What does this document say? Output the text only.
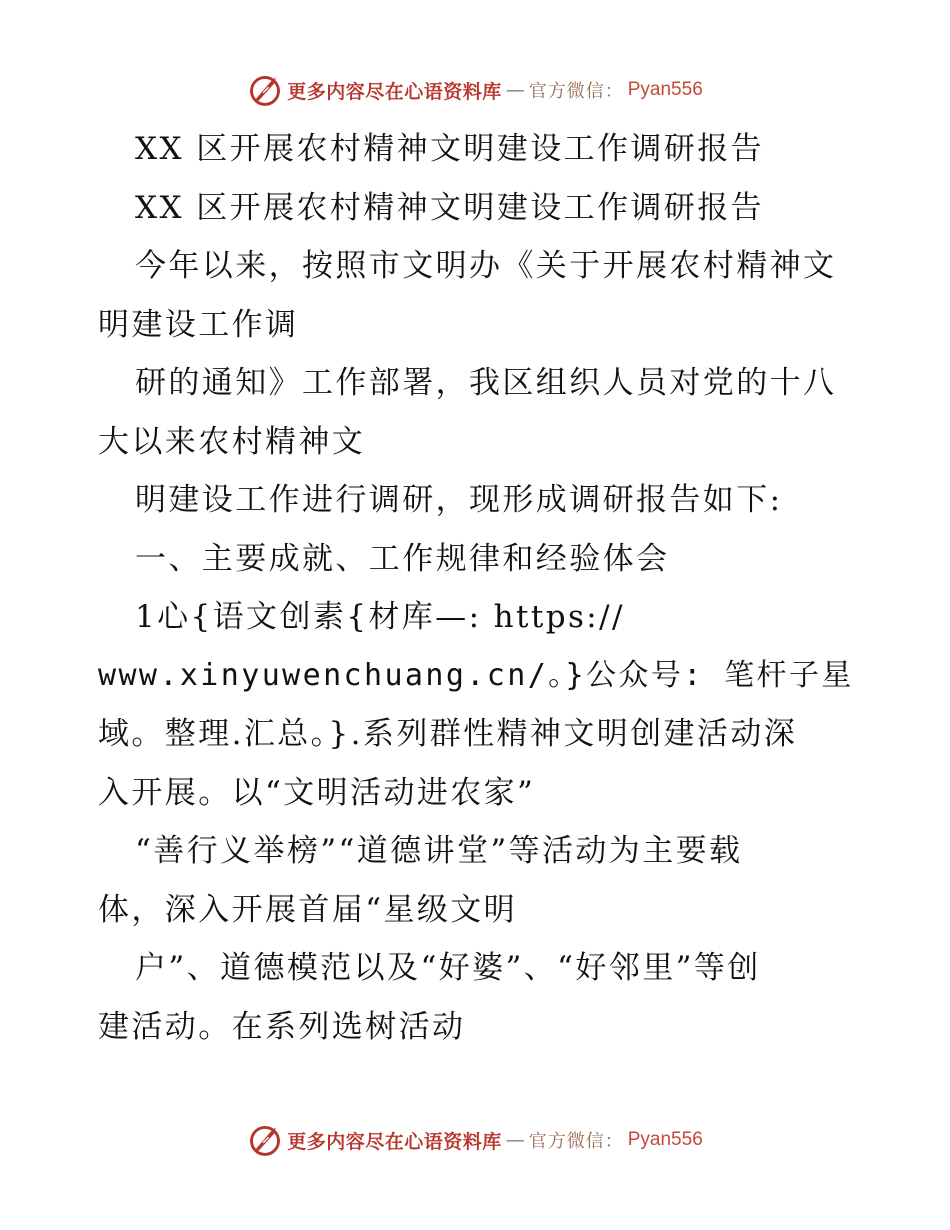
更多内容尽在心语资料库 — 官方微信： Pyan556

XX 区开展农村精神文明建设工作调研报告

XX 区开展农村精神文明建设工作调研报告

今年以来，按照市文明办《关于开展农村精神文

明建设工作调

研的通知》工作部署，我区组织人员对党的十八

大以来农村精神文

明建设工作进行调研，现形成调研报告如下:

一、主要成就、工作规律和经验体会

1心{语文创素{材库—: https://

www.xinyuwenchuang.cn/。}公众号: 笔杆子星

域。整理.汇总。}.系列群性精神文明创建活动深

入开展。以“文明活动进农家”

“善行义举榜”“道德讲堂”等活动为主要载

体，深入开展首届“星级文明

户”、道德模范以及“好婆”、“好邻里”等创

建活动。在系列选树活动

更多内容尽在心语资料库 — 官方微信： Pyan556
